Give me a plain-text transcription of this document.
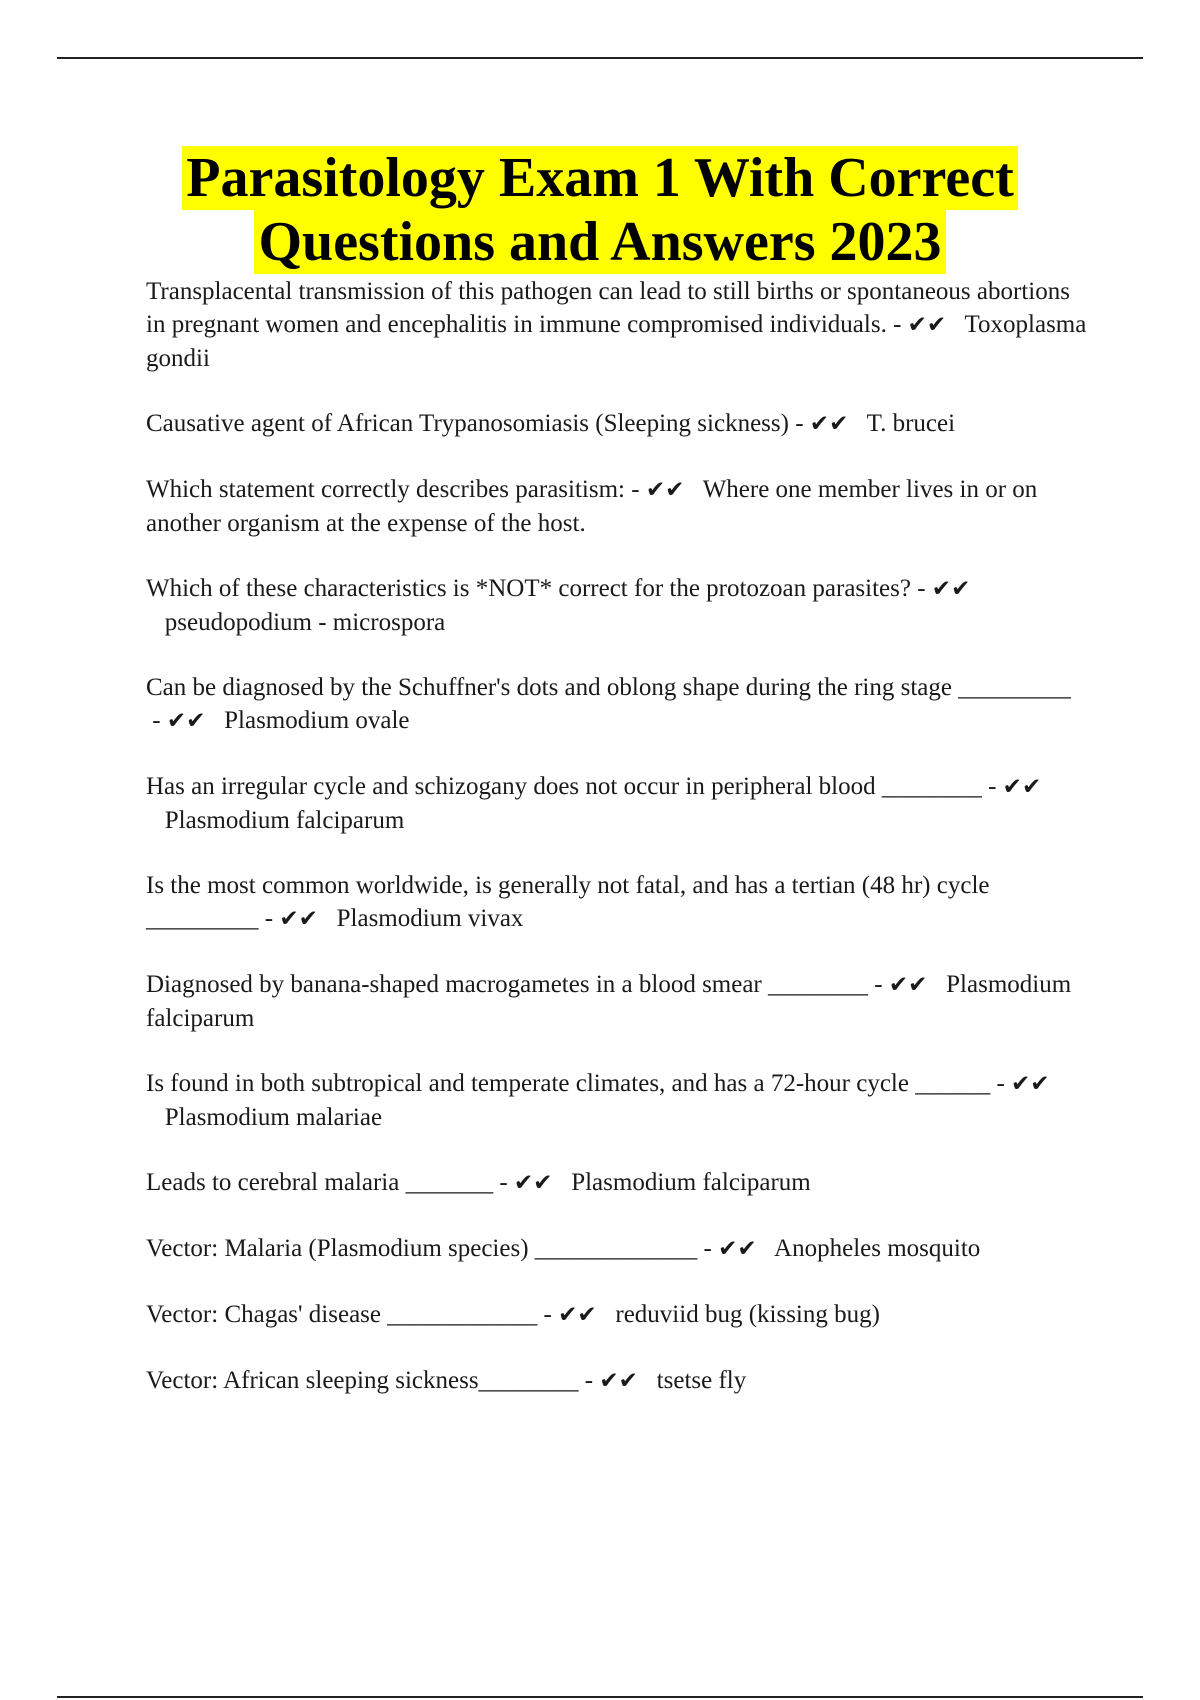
Parasitology Exam 1 With Correct
Questions and Answers 2023

Transplacental transmission of this pathogen can lead to still births or spontaneous abortions in pregnant women and encephalitis in immune compromised individuals. - ✔✔ Toxoplasma gondii

Causative agent of African Trypanosomiasis (Sleeping sickness) - ✔✔ T. brucei

Which statement correctly describes parasitism: - ✔✔ Where one member lives in or on another organism at the expense of the host.

Which of these characteristics is *NOT* correct for the protozoan parasites? - ✔✔   pseudopodium - microspora

Can be diagnosed by the Schuffner's dots and oblong shape during the ring stage _________ - ✔✔ Plasmodium ovale

Has an irregular cycle and schizogany does not occur in peripheral blood ________ - ✔✔   Plasmodium falciparum

Is the most common worldwide, is generally not fatal, and has a tertian (48 hr) cycle _________ - ✔✔ Plasmodium vivax

Diagnosed by banana-shaped macrogametes in a blood smear ________ - ✔✔ Plasmodium falciparum

Is found in both subtropical and temperate climates, and has a 72-hour cycle ______ - ✔✔   Plasmodium malariae

Leads to cerebral malaria _______ - ✔✔ Plasmodium falciparum

Vector: Malaria (Plasmodium species) _____________ - ✔✔ Anopheles mosquito

Vector: Chagas' disease ____________ - ✔✔ reduviid bug (kissing bug)

Vector: African sleeping sickness________ - ✔✔ tsetse fly
